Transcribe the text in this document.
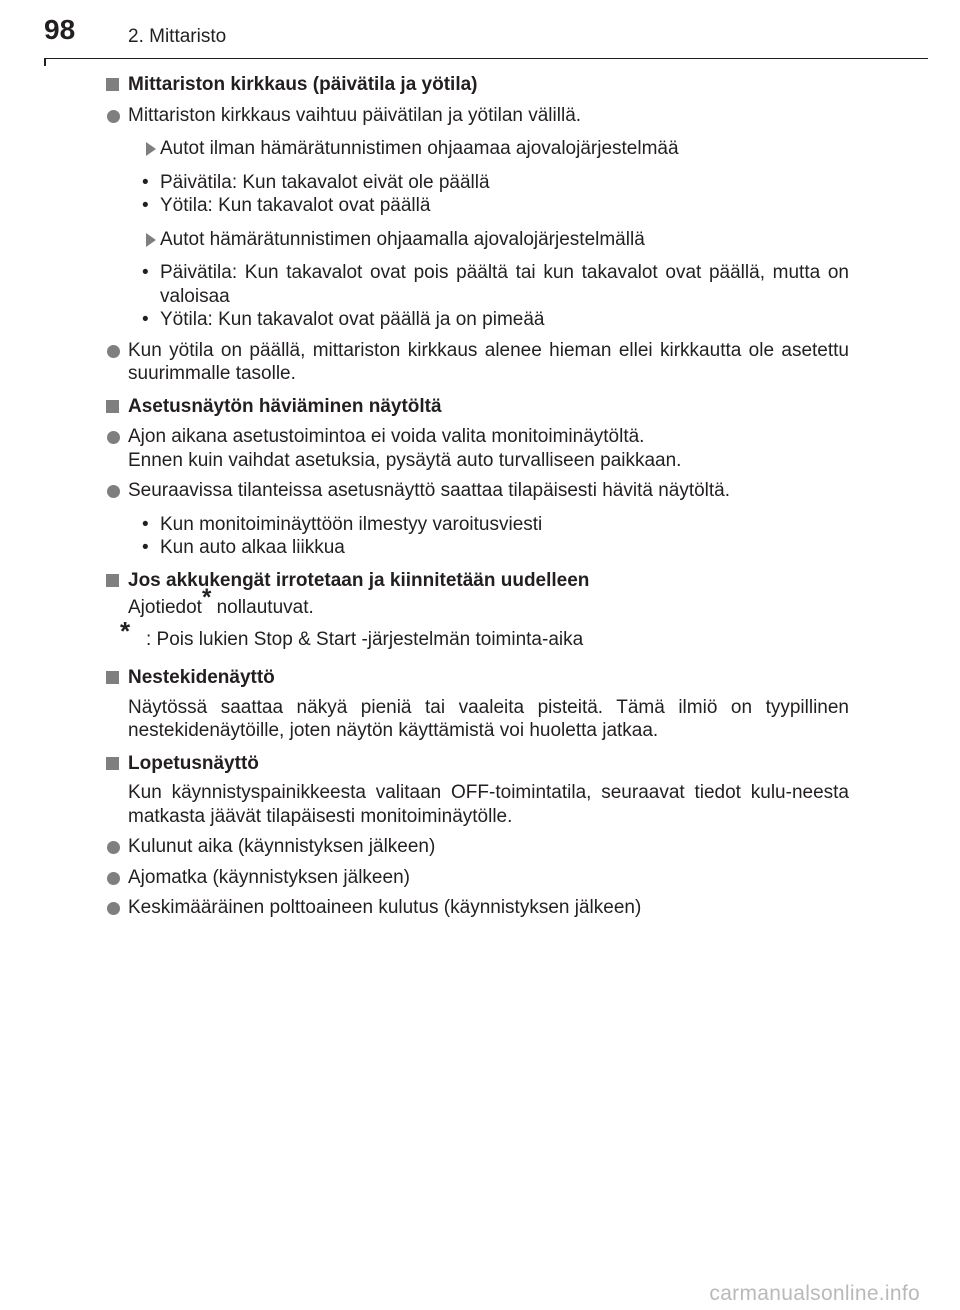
98	2. Mittaristo
Mittariston kirkkaus (päivätila ja yötila)
Mittariston kirkkaus vaihtuu päivätilan ja yötilan välillä.
Autot ilman hämärätunnistimen ohjaamaa ajovalojärjestelmää
• Päivätila: Kun takavalot eivät ole päällä
• Yötila: Kun takavalot ovat päällä
Autot hämärätunnistimen ohjaamalla ajovalojärjestelmällä
• Päivätila: Kun takavalot ovat pois päältä tai kun takavalot ovat päällä, mutta on valoisaa
• Yötila: Kun takavalot ovat päällä ja on pimeää
Kun yötila on päällä, mittariston kirkkaus alenee hieman ellei kirkkautta ole asetettu suurimmalle tasolle.
Asetusnäytön häviäminen näytöltä
Ajon aikana asetustoimintoa ei voida valita monitoiminäytöltä.
Ennen kuin vaihdat asetuksia, pysäytä auto turvalliseen paikkaan.
Seuraavissa tilanteissa asetusnäyttö saattaa tilapäisesti hävitä näytöltä.
• Kun monitoiminäyttöön ilmestyy varoitusviesti
• Kun auto alkaa liikkua
Jos akkukengät irrotetaan ja kiinnitetään uudelleen
Ajotiedot* nollautuvat.
* : Pois lukien Stop & Start -järjestelmän toiminta-aika
Nestekidenäyttö
Näytössä saattaa näkyä pieniä tai vaaleita pisteitä. Tämä ilmiö on tyypillinen nestekidenäytöille, joten näytön käyttämistä voi huoletta jatkaa.
Lopetusnäyttö
Kun käynnistyspainikkeesta valitaan OFF-toimintatila, seuraavat tiedot kulu-neesta matkasta jäävät tilapäisesti monitoiminäytölle.
Kulunut aika (käynnistyksen jälkeen)
Ajomatka (käynnistyksen jälkeen)
Keskimääräinen polttoaineen kulutus (käynnistyksen jälkeen)
carmanualsonline.info
